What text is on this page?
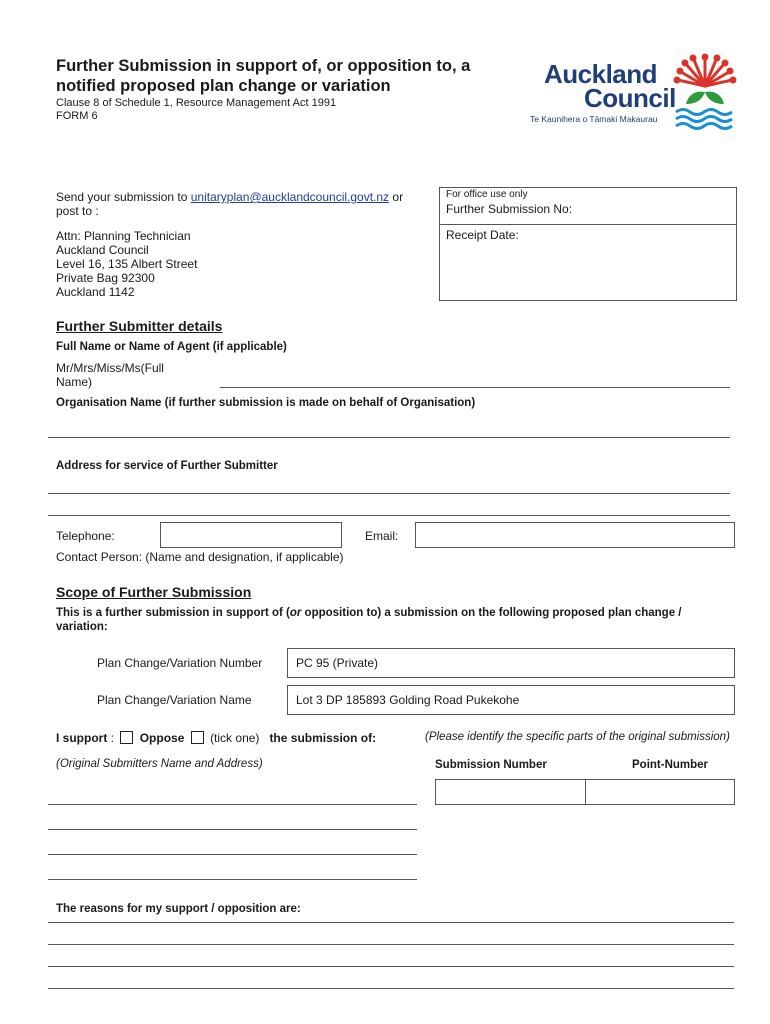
Further Submission in support of, or opposition to, a notified proposed plan change or variation
Clause 8 of Schedule 1, Resource Management Act 1991
FORM 6
Auckland
Council
Te Kaunihera o Tāmaki Makaurau
Send your submission to unitaryplan@aucklandcouncil.govt.nz or
post to :
Attn: Planning Technician
Auckland Council
Level 16, 135 Albert Street
Private Bag 92300
Auckland 1142
For office use only
Further Submission No:
Receipt Date:
Further Submitter details
Full Name or Name of Agent (if applicable)
Mr/Mrs/Miss/Ms(Full
Name)
Organisation Name (if further submission is made on behalf of Organisation)
Address for service of Further Submitter
Telephone:	Email:
Contact Person: (Name and designation, if applicable)
Scope of Further Submission
This is a further submission in support of (or opposition to) a submission on the following proposed plan change / variation:
Plan Change/Variation Number	PC 95 (Private)
Plan Change/Variation Name	Lot 3 DP 185893 Golding Road Pukekohe
I support : Oppose (tick one) the submission of:	(Please identify the specific parts of the original submission)
(Original Submitters Name and Address)	Submission Number	Point-Number
The reasons for my support / opposition are:
